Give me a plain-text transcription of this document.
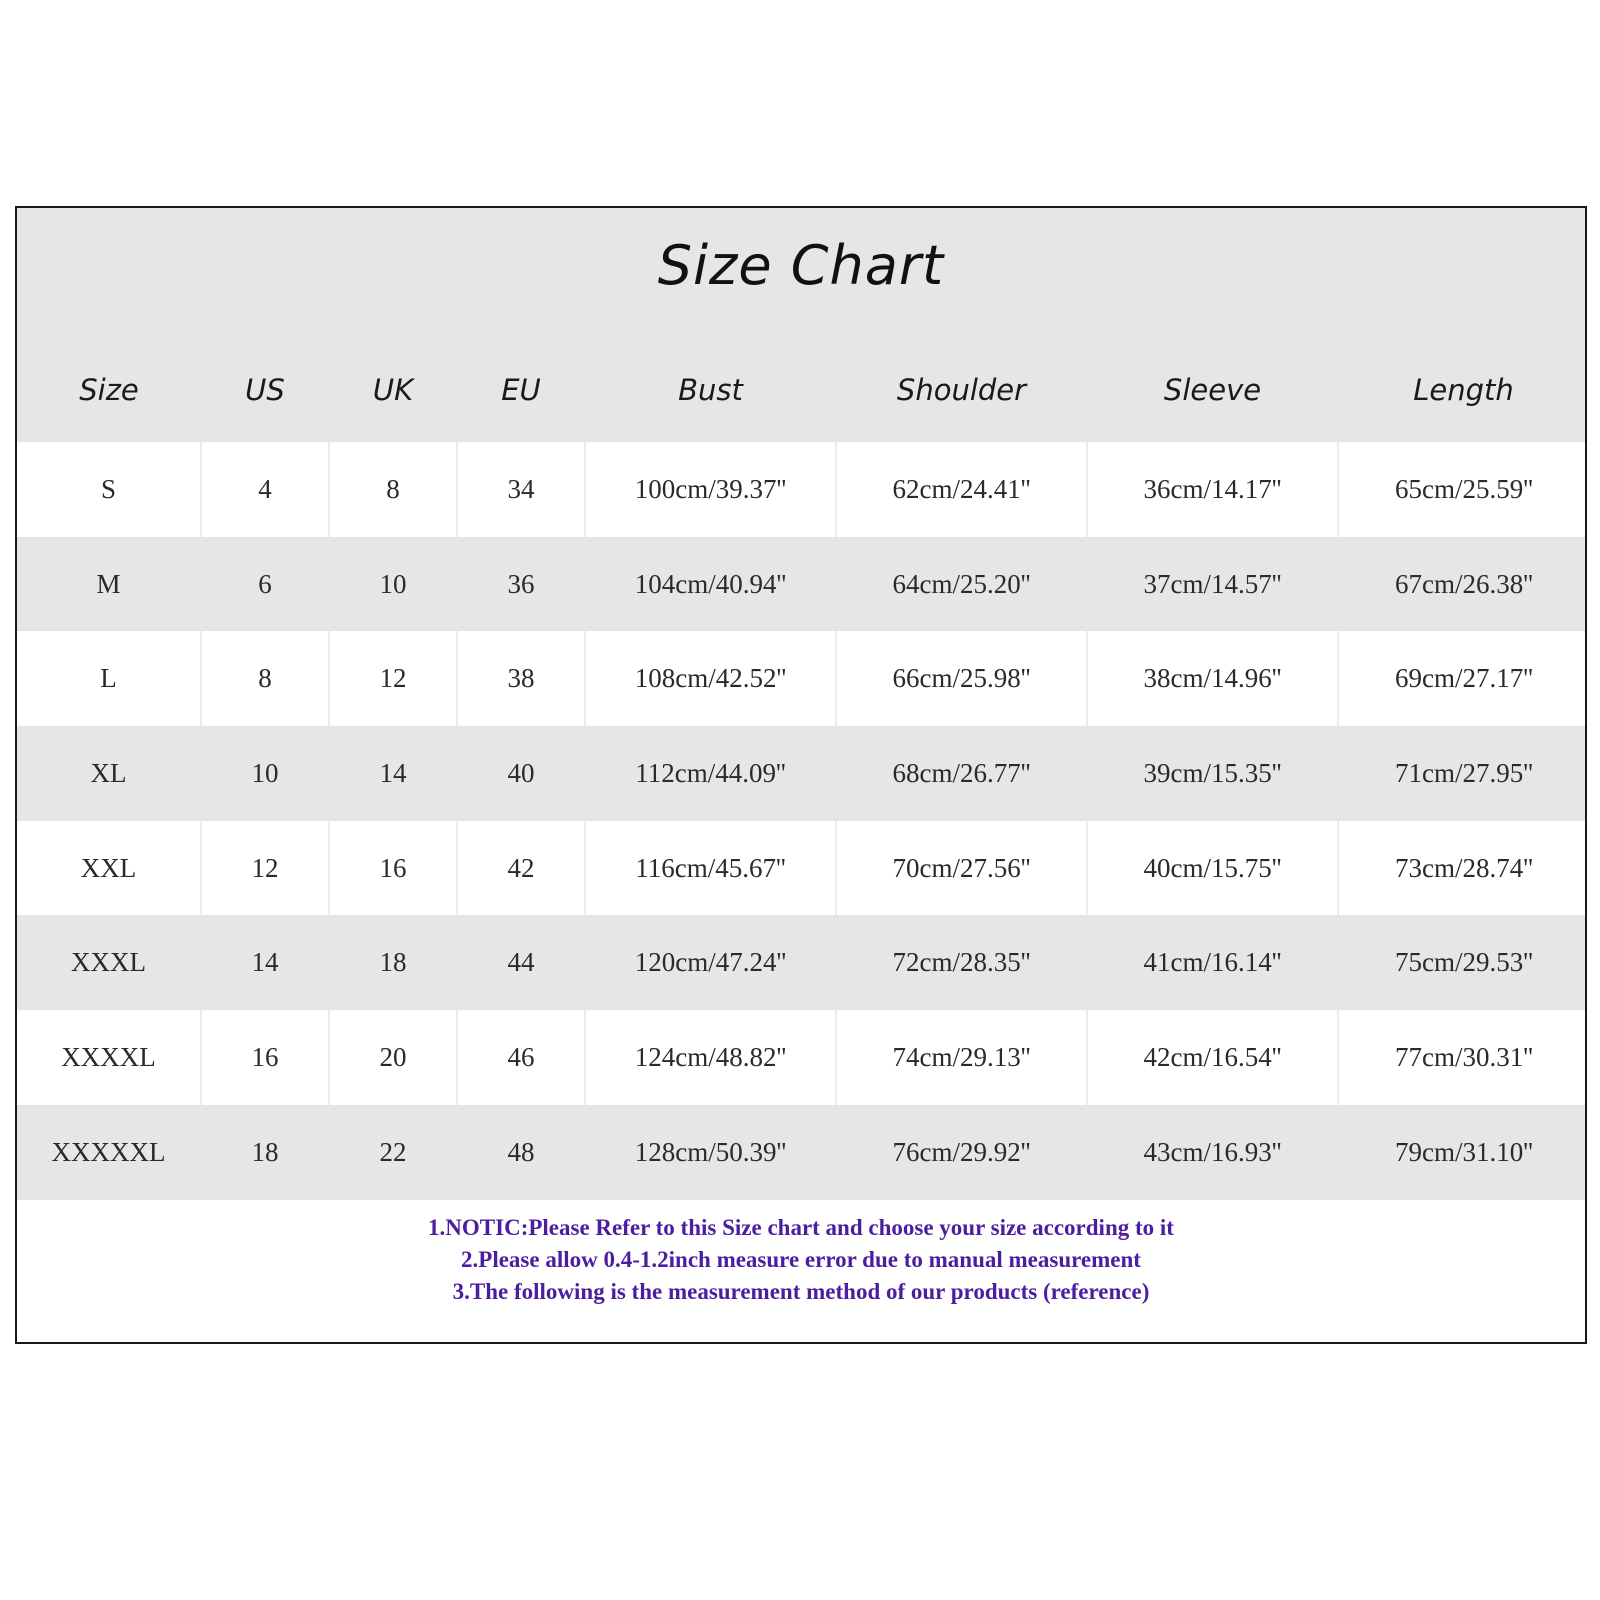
Size Chart
Size	US	UK	EU	Bust	Shoulder	Sleeve	Length
S	4	8	34	100cm/39.37''	62cm/24.41''	36cm/14.17''	65cm/25.59''
M	6	10	36	104cm/40.94''	64cm/25.20''	37cm/14.57''	67cm/26.38''
L	8	12	38	108cm/42.52''	66cm/25.98''	38cm/14.96''	69cm/27.17''
XL	10	14	40	112cm/44.09''	68cm/26.77''	39cm/15.35''	71cm/27.95''
XXL	12	16	42	116cm/45.67''	70cm/27.56''	40cm/15.75''	73cm/28.74''
XXXL	14	18	44	120cm/47.24''	72cm/28.35''	41cm/16.14''	75cm/29.53''
XXXXL	16	20	46	124cm/48.82''	74cm/29.13''	42cm/16.54''	77cm/30.31''
XXXXXL	18	22	48	128cm/50.39''	76cm/29.92''	43cm/16.93''	79cm/31.10''
1.NOTIC:Please Refer to this Size chart and choose your size according to it
2.Please allow 0.4-1.2inch measure error due to manual measurement
3.The following is the measurement method of our products (reference)
